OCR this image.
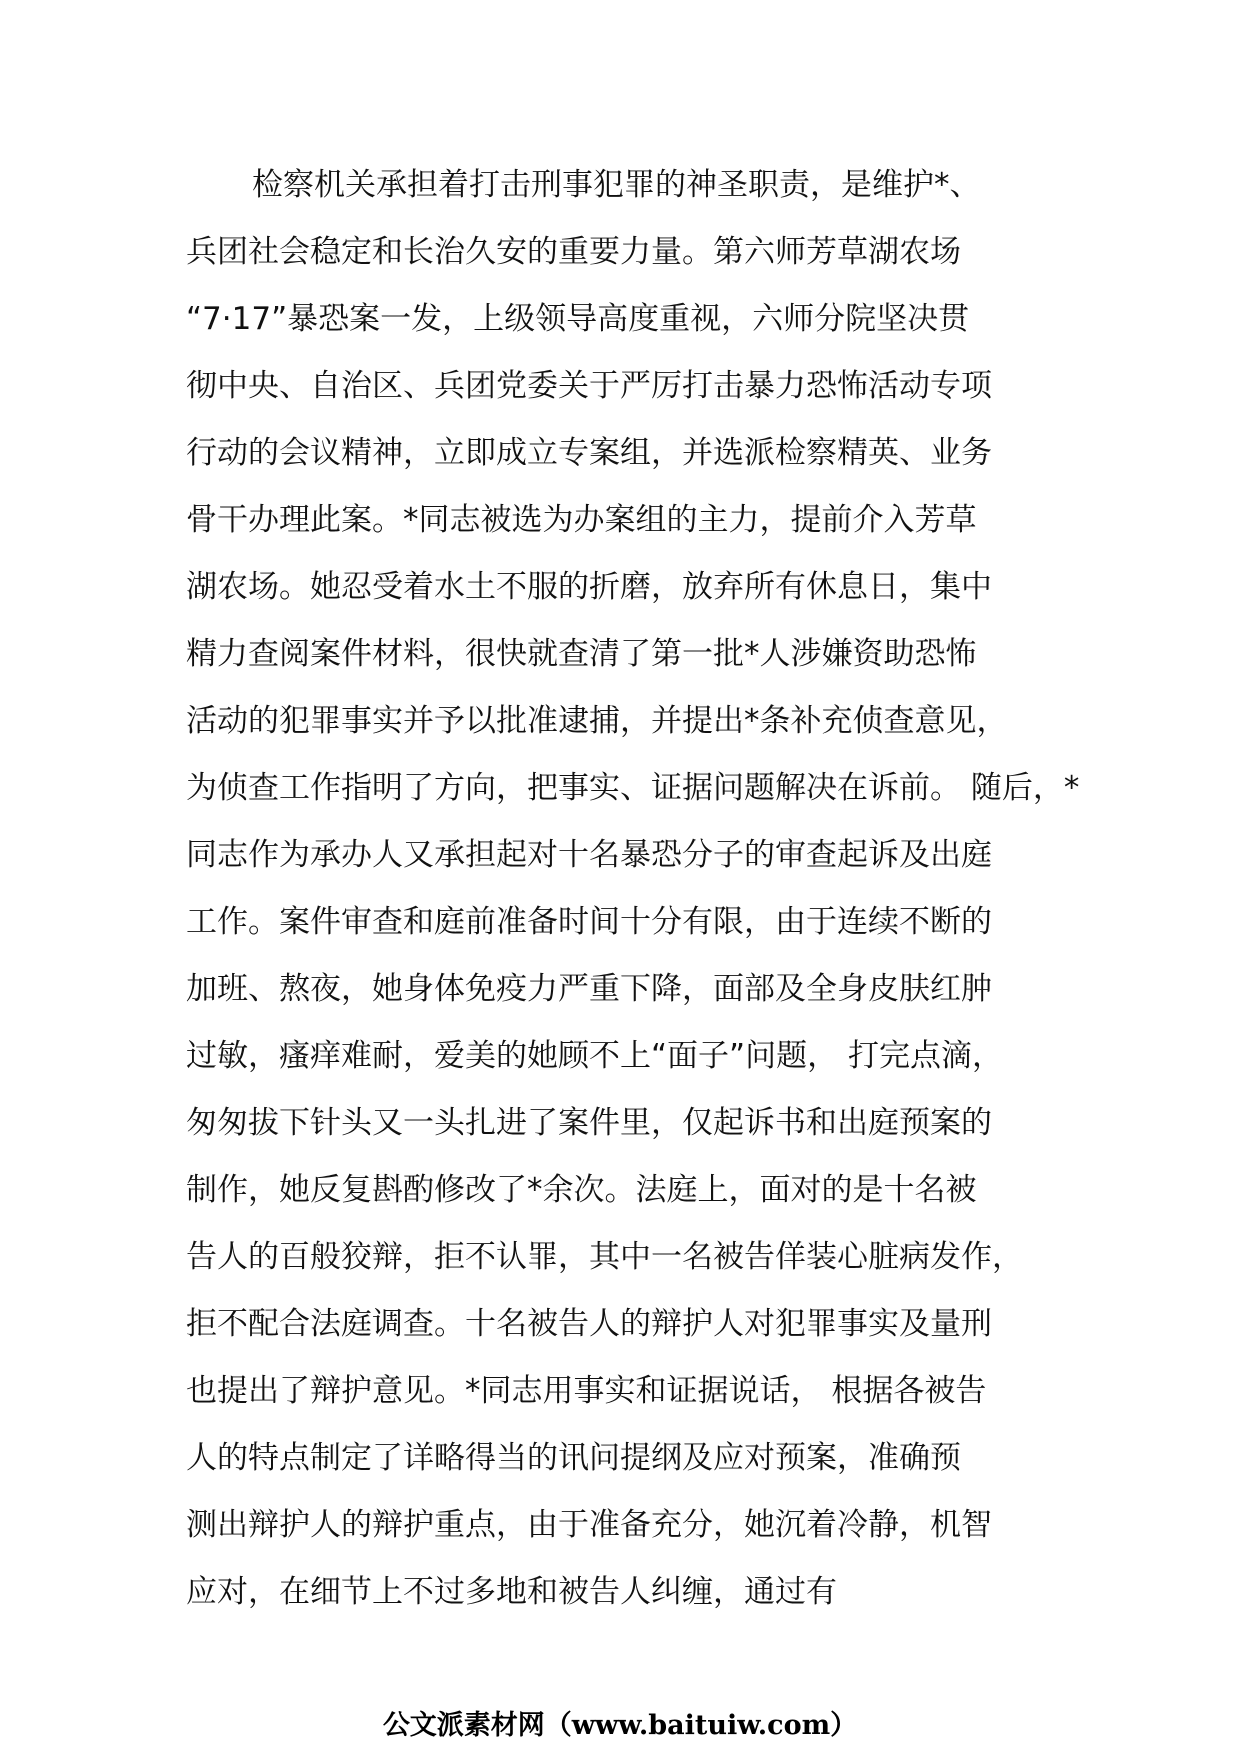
检察机关承担着打击刑事犯罪的神圣职责，是维护*、
兵团社会稳定和长治久安的重要力量。第六师芳草湖农场
“7·17”暴恐案一发，上级领导高度重视，六师分院坚决贯
彻中央、自治区、兵团党委关于严厉打击暴力恐怖活动专项
行动的会议精神，立即成立专案组，并选派检察精英、业务
骨干办理此案。*同志被选为办案组的主力，提前介入芳草
湖农场。她忍受着水土不服的折磨，放弃所有休息日，集中
精力查阅案件材料，很快就查清了第一批*人涉嫌资助恐怖
活动的犯罪事实并予以批准逮捕，并提出*条补充侦查意见，
为侦查工作指明了方向，把事实、证据问题解决在诉前。 随后，*
同志作为承办人又承担起对十名暴恐分子的审查起诉及出庭
工作。案件审查和庭前准备时间十分有限，由于连续不断的
加班、熬夜，她身体免疫力严重下降，面部及全身皮肤红肿
过敏，瘙痒难耐，爱美的她顾不上“面子”问题， 打完点滴，
匆匆拔下针头又一头扎进了案件里，仅起诉书和出庭预案的
制作，她反复斟酌修改了*余次。法庭上，面对的是十名被
告人的百般狡辩，拒不认罪，其中一名被告佯装心脏病发作，
拒不配合法庭调查。十名被告人的辩护人对犯罪事实及量刑
也提出了辩护意见。*同志用事实和证据说话， 根据各被告
人的特点制定了详略得当的讯问提纲及应对预案，准确预
测出辩护人的辩护重点，由于准备充分，她沉着冷静，机智
应对，在细节上不过多地和被告人纠缠，通过有
公文派素材网（www.baituiw.com）
